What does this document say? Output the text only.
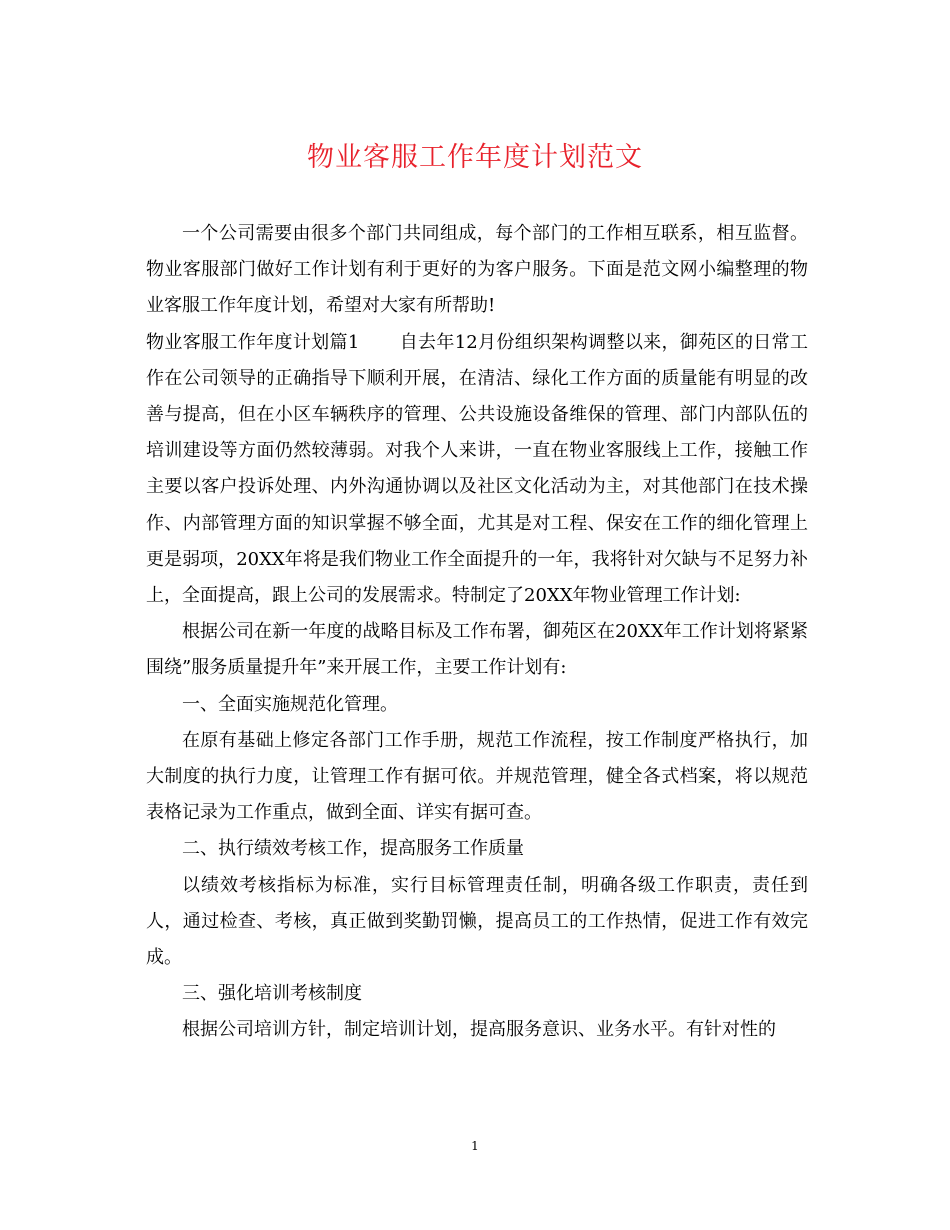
物业客服工作年度计划范文

一个公司需要由很多个部门共同组成，每个部门的工作相互联系，相互监督。物业客服部门做好工作计划有利于更好的为客户服务。下面是范文网小编整理的物业客服工作年度计划，希望对大家有所帮助!

物业客服工作年度计划篇1 自去年12月份组织架构调整以来，御苑区的日常工作在公司领导的正确指导下顺利开展，在清洁、绿化工作方面的质量能有明显的改善与提高，但在小区车辆秩序的管理、公共设施设备维保的管理、部门内部队伍的培训建设等方面仍然较薄弱。对我个人来讲，一直在物业客服线上工作，接触工作主要以客户投诉处理、内外沟通协调以及社区文化活动为主，对其他部门在技术操作、内部管理方面的知识掌握不够全面，尤其是对工程、保安在工作的细化管理上更是弱项，20XX年将是我们物业工作全面提升的一年，我将针对欠缺与不足努力补上，全面提高，跟上公司的发展需求。特制定了20XX年物业管理工作计划:

根据公司在新一年度的战略目标及工作布署，御苑区在20XX年工作计划将紧紧围绕”服务质量提升年”来开展工作，主要工作计划有:

一、全面实施规范化管理。

在原有基础上修定各部门工作手册，规范工作流程，按工作制度严格执行，加大制度的执行力度，让管理工作有据可依。并规范管理，健全各式档案，将以规范表格记录为工作重点，做到全面、详实有据可查。

二、执行绩效考核工作，提高服务工作质量

以绩效考核指标为标准，实行目标管理责任制，明确各级工作职责，责任到人，通过检查、考核，真正做到奖勤罚懒，提高员工的工作热情，促进工作有效完成。

三、强化培训考核制度

根据公司培训方针，制定培训计划，提高服务意识、业务水平。有针对性的

1
